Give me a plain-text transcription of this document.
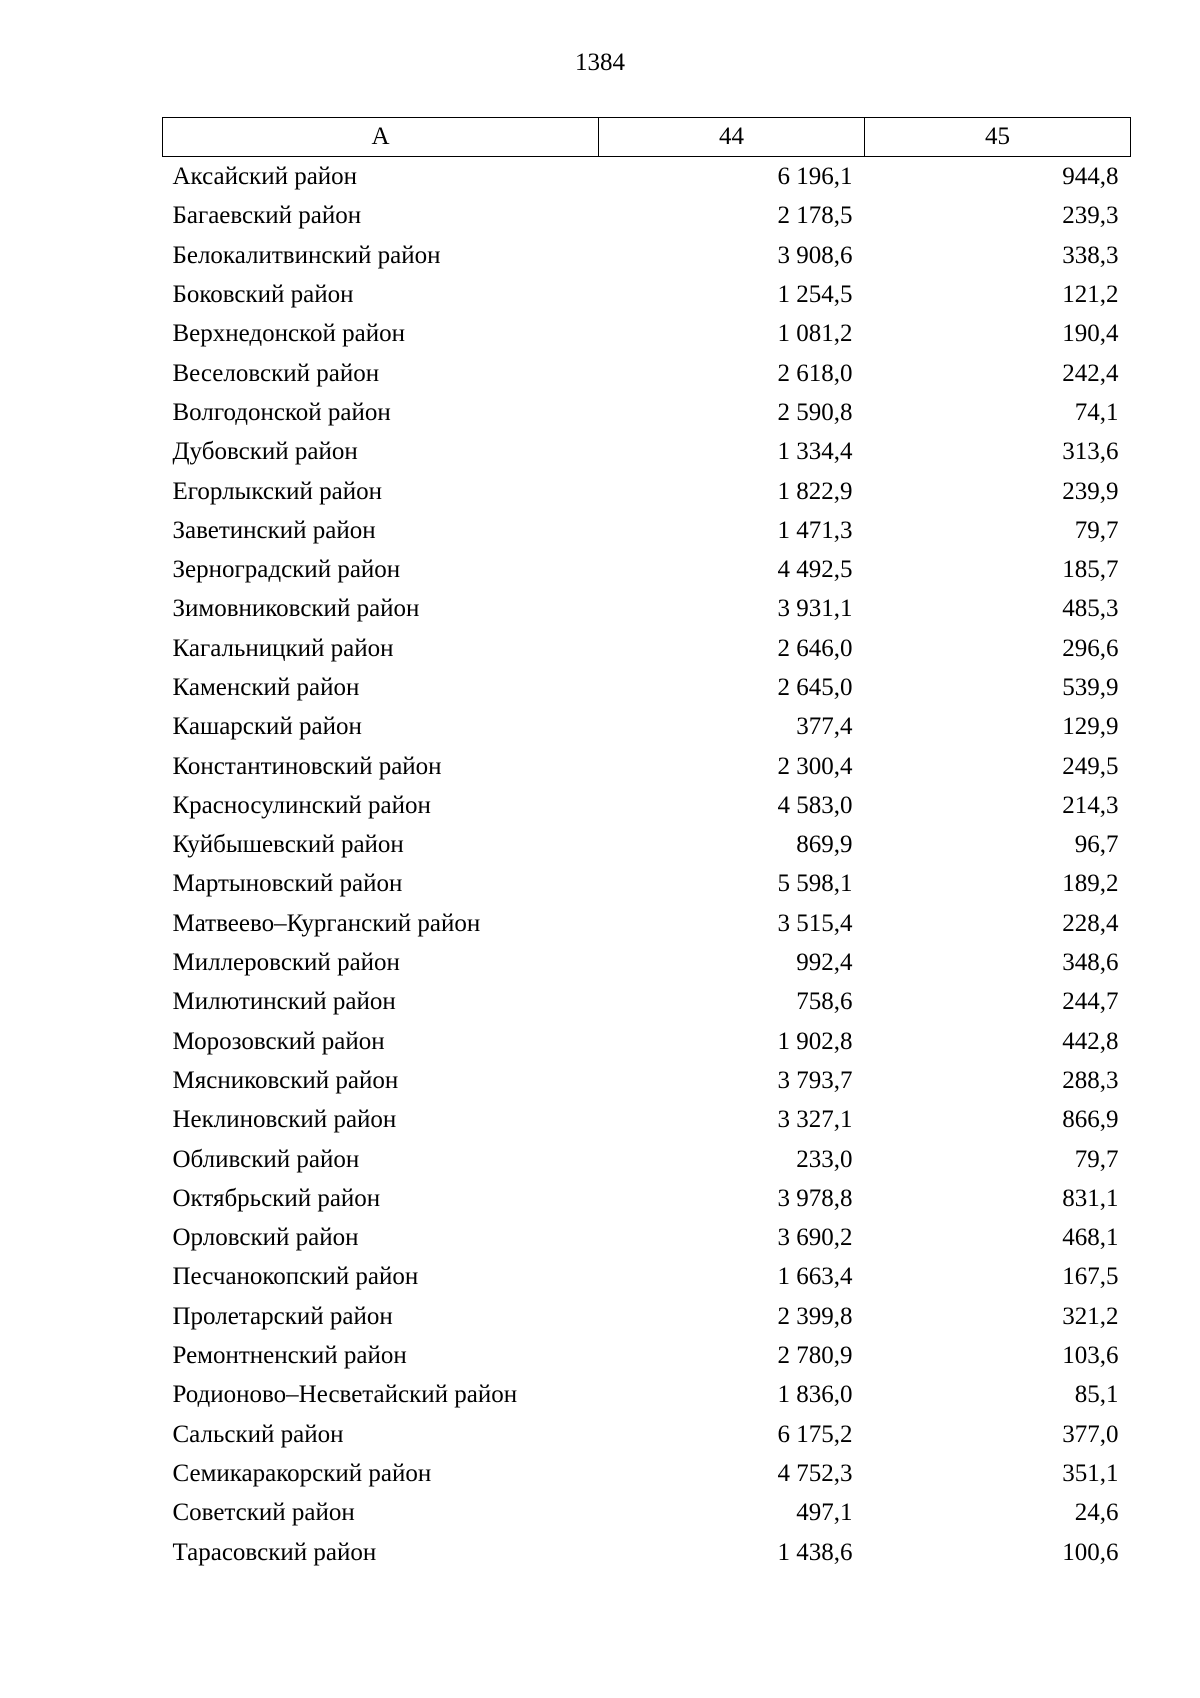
1384
А	44	45
Аксайский район	6 196,1	944,8
Багаевский район	2 178,5	239,3
Белокалитвинский район	3 908,6	338,3
Боковский район	1 254,5	121,2
Верхнедонской район	1 081,2	190,4
Веселовский район	2 618,0	242,4
Волгодонской район	2 590,8	74,1
Дубовский район	1 334,4	313,6
Егорлыкский район	1 822,9	239,9
Заветинский район	1 471,3	79,7
Зерноградский район	4 492,5	185,7
Зимовниковский район	3 931,1	485,3
Кагальницкий район	2 646,0	296,6
Каменский район	2 645,0	539,9
Кашарский район	377,4	129,9
Константиновский район	2 300,4	249,5
Красносулинский район	4 583,0	214,3
Куйбышевский район	869,9	96,7
Мартыновский район	5 598,1	189,2
Матвеево–Курганский район	3 515,4	228,4
Миллеровский район	992,4	348,6
Милютинский район	758,6	244,7
Морозовский район	1 902,8	442,8
Мясниковский район	3 793,7	288,3
Неклиновский район	3 327,1	866,9
Обливский район	233,0	79,7
Октябрьский район	3 978,8	831,1
Орловский район	3 690,2	468,1
Песчанокопский район	1 663,4	167,5
Пролетарский район	2 399,8	321,2
Ремонтненский район	2 780,9	103,6
Родионово–Несветайский район	1 836,0	85,1
Сальский район	6 175,2	377,0
Семикаракорский район	4 752,3	351,1
Советский район	497,1	24,6
Тарасовский район	1 438,6	100,6
